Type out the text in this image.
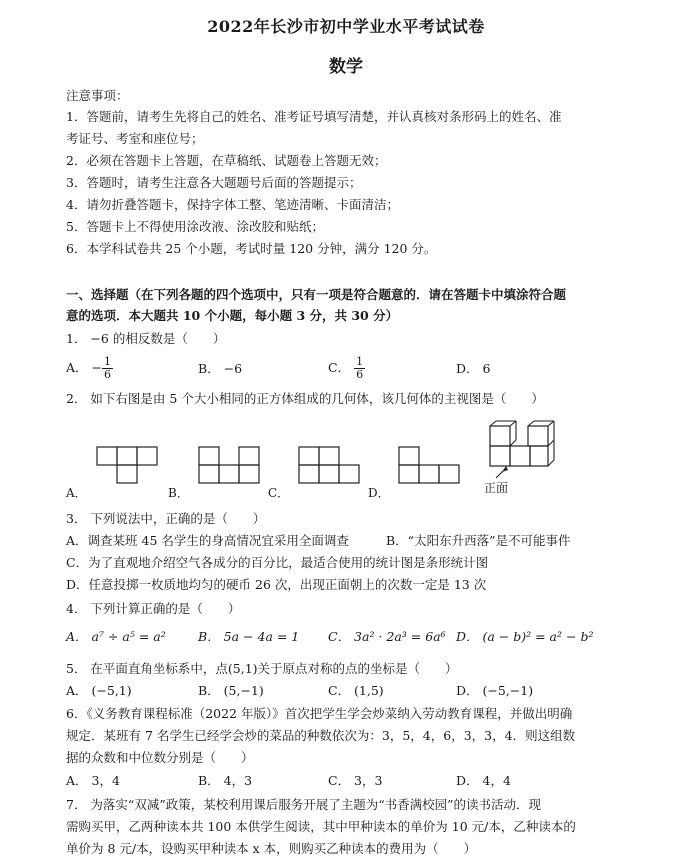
2022年长沙市初中学业水平考试试卷
数学
注意事项：
1．答题前，请考生先将自己的姓名、准考证号填写清楚，并认真核对条形码上的姓名、准
考证号、考室和座位号；
2．必须在答题卡上答题，在草稿纸、试题卷上答题无效；
3．答题时，请考生注意各大题题号后面的答题提示；
4．请勿折叠答题卡，保持字体工整、笔迹清晰、卡面清洁；
5．答题卡上不得使用涂改液、涂改胶和贴纸；
6．本学科试卷共 25 个小题，考试时量 120 分钟，满分 120 分。
一、选择题（在下列各题的四个选项中，只有一项是符合题意的．请在答题卡中填涂符合题
意的选项．本大题共 10 个小题，每小题 3 分，共 30 分）
1． −6 的相反数是（　　）
A． − $\frac{1}{6}$	B． −6	C． $\frac{1}{6}$	D． 6
2． 如下右图是由 5 个大小相同的正方体组成的几何体，该几何体的主视图是（　　）
A．	B．	C．	D．	正面
3． 下列说法中，正确的是（　　）
A．调查某班 45 名学生的身高情况宜采用全面调查	B．“太阳东升西落”是不可能事件
C．为了直观地介绍空气各成分的百分比，最适合使用的统计图是条形统计图
D．任意投掷一枚质地均匀的硬币 26 次，出现正面朝上的次数一定是 13 次
4． 下列计算正确的是（　　）
A． a⁷ ÷ a⁵ = a²	B． 5a − 4a = 1 C． 3a² · 2a³ = 6a⁶ D． (a − b)² = a² − b²
5． 在平面直角坐标系中，点(5,1)关于原点对称的点的坐标是（　　）
A． (−5,1)	B． (5,−1)	C． (1,5)	D． (−5,−1)
6．《义务教育课程标准（2022 年版）》首次把学生学会炒菜纳入劳动教育课程，并做出明确
规定．某班有 7 名学生已经学会炒的菜品的种数依次为：3，5，4，6，3，3，4．则这组数
据的众数和中位数分别是（　　）
A． 3，4	B． 4，3	C． 3，3	D． 4，4
7． 为落实“双减”政策，某校利用课后服务开展了主题为“书香满校园”的读书活动．现
需购买甲，乙两种读本共 100 本供学生阅读，其中甲种读本的单价为 10 元/本，乙种读本的
单价为 8 元/本，设购买甲种读本 x 本，则购买乙种读本的费用为（　　）
